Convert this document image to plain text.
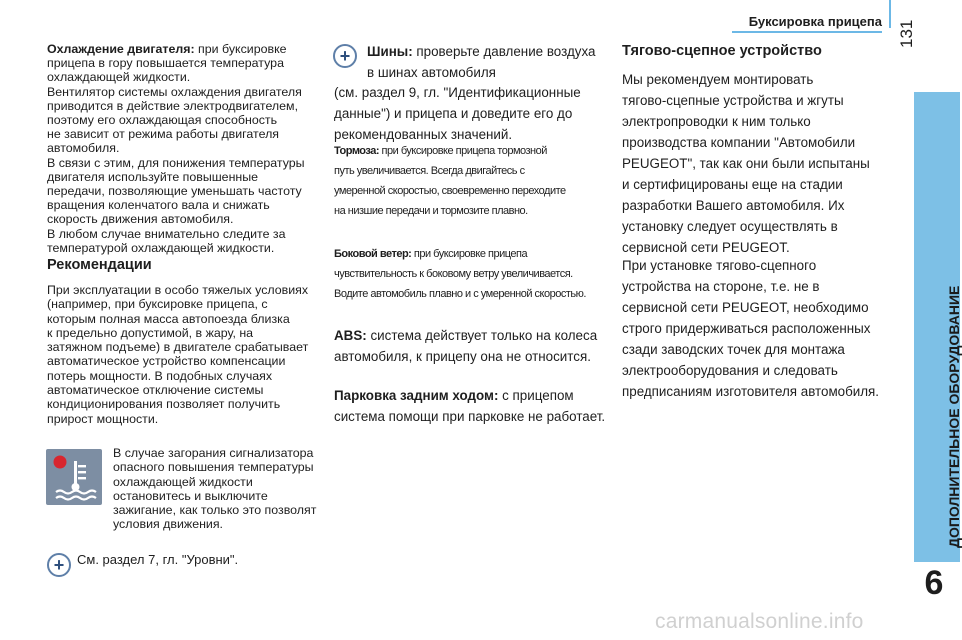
Буксировка прицепа 131
ДОПОЛНИТЕЛЬНОЕ ОБОРУДОВАНИЕ
6

Охлаждение двигателя: при буксировке

прицепа в гору повышается температура

охлаждающей жидкости.

Вентилятор системы охлаждения двигателя

приводится в действие электродвигателем,

поэтому его охлаждающая способность

не зависит от режима работы двигателя

автомобиля.

В связи с этим, для понижения температуры

двигателя используйте повышенные

передачи, позволяющие уменьшать частоту

вращения коленчатого вала и снижать

скорость движения автомобиля.

В любом случае внимательно следите за

температурой охлаждающей жидкости.

Рекомендации

При эксплуатации в особо тяжелых условиях

(например, при буксировке прицепа, с

которым полная масса автопоезда близка

к предельно допустимой, в жару, на

затяжном подъеме) в двигателе срабатывает

автоматическое устройство компенсации

потерь мощности. В подобных случаях

автоматическое отключение системы

кондиционирования позволяет получить

прирост мощности.

В случае загорания сигнализатора

опасного повышения температуры

охлаждающей жидкости

остановитесь и выключите

зажигание, как только это позволят

условия движения.

+ См. раздел 7, гл. "Уровни".
+ Шины: проверьте давление воздуха

в шинах автомобиля

(см. раздел 9, гл. "Идентификационные

данные") и прицепа и доведите его до

рекомендованных значений.

Тормоза: при буксировке прицепа тормозной

путь увеличивается. Всегда двигайтесь с

умеренной скоростью, своевременно переходите

на низшие передачи и тормозите плавно.

Боковой ветер: при буксировке прицепа

чувствительность к боковому ветру увеличивается.

Водите автомобиль плавно и с умеренной скоростью.

ABS: система действует только на колеса

автомобиля, к прицепу она не относится.

Парковка задним ходом: с прицепом

система помощи при парковке не работает.

Тягово-сцепное устройство

Мы рекомендуем монтировать

тягово-сцепные устройства и жгуты

электропроводки к ним только

производства компании "Автомобили

PEUGEOT", так как они были испытаны

и сертифицированы еще на стадии

разработки Вашего автомобиля. Их

установку следует осуществлять в

сервисной сети PEUGEOT.

При установке тягово-сцепного

устройства на стороне, т.е. не в

сервисной сети PEUGEOT, необходимо

строго придерживаться расположенных

сзади заводских точек для монтажа

электрооборудования и следовать

предписаниям изготовителя автомобиля.

carmanualsonline.info
